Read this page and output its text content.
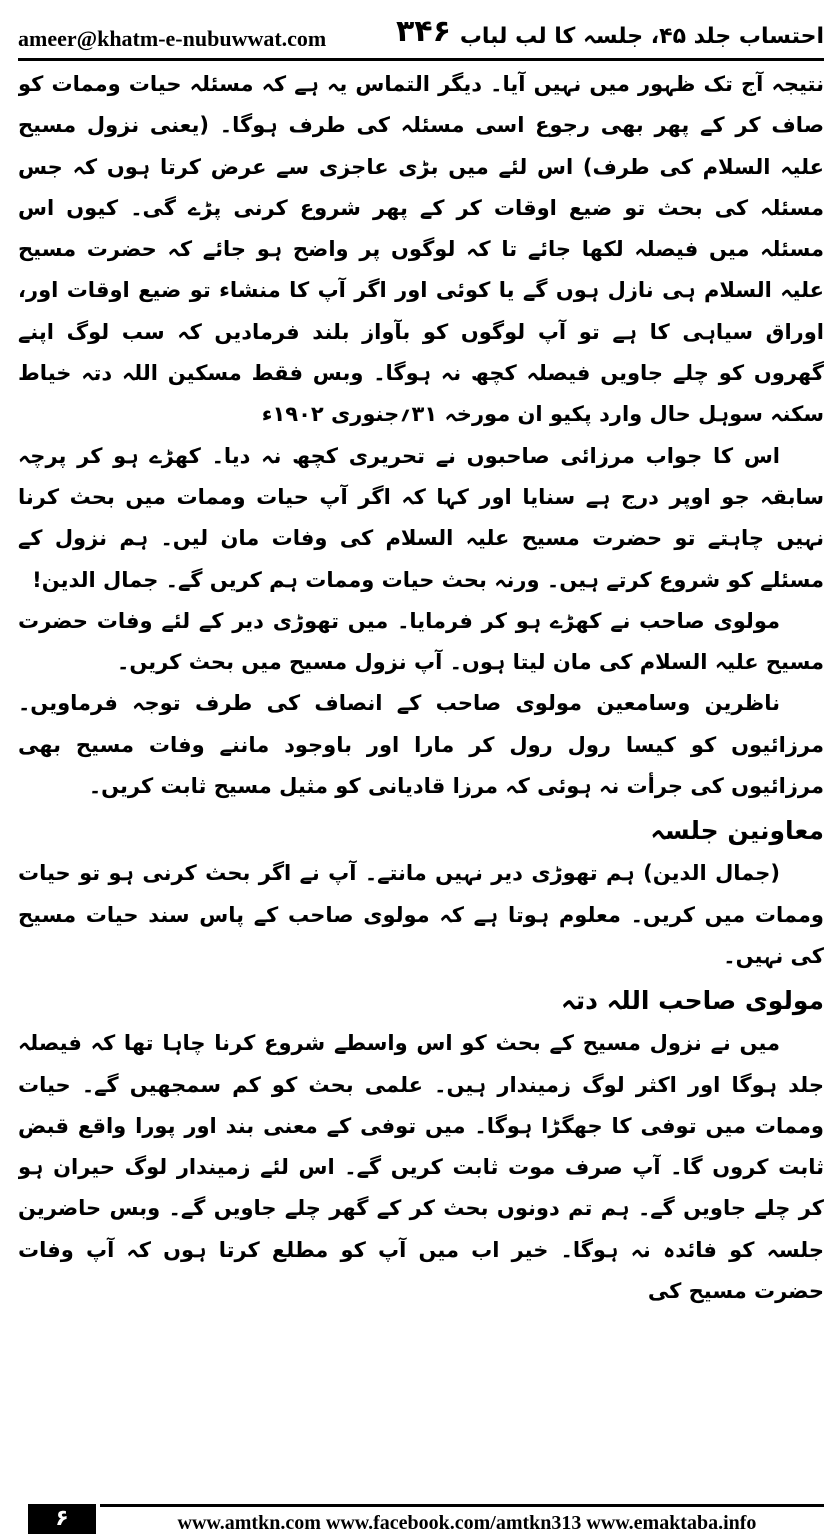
ameer@khatm-e-nubuwwat.com ۳۴۶ احتساب جلد ۴۵، جلسہ کا لب لباب

نتیجہ آج تک ظہور میں نہیں آیا۔ دیگر التماس یہ ہے کہ مسئلہ حیات وممات کو صاف کر کے پھر بھی رجوع اسی مسئلہ کی طرف ہوگا۔ (یعنی نزول مسیح علیہ السلام کی طرف) اس لئے میں بڑی عاجزی سے عرض کرتا ہوں کہ جس مسئلہ کی بحث تو ضیع اوقات کر کے پھر شروع کرنی پڑے گی۔ کیوں اس مسئلہ میں فیصلہ لکھا جائے تا کہ لوگوں پر واضح ہو جائے کہ حضرت مسیح علیہ السلام ہی نازل ہوں گے یا کوئی اور اگر آپ کا منشاء تو ضیع اوقات اور، اوراق سیاہی کا ہے تو آپ لوگوں کو بآواز بلند فرمادیں کہ سب لوگ اپنے گھروں کو چلے جاویں فیصلہ کچھ نہ ہوگا۔ وبس فقط مسکین اللہ دتہ خیاط سکنہ سوہل حال وارد پکیو ان مورخہ ۳۱؍جنوری ۱۹۰۲ء

اس کا جواب مرزائی صاحبوں نے تحریری کچھ نہ دیا۔ کھڑے ہو کر پرچہ سابقہ جو اوپر درج ہے سنایا اور کہا کہ اگر آپ حیات وممات میں بحث کرنا نہیں چاہتے تو حضرت مسیح علیہ السلام کی وفات مان لیں۔ ہم نزول کے مسئلے کو شروع کرتے ہیں۔ ورنہ بحث حیات وممات ہم کریں گے۔ جمال الدین!

مولوی صاحب نے کھڑے ہو کر فرمایا۔ میں تھوڑی دیر کے لئے وفات حضرت مسیح علیہ السلام کی مان لیتا ہوں۔ آپ نزول مسیح میں بحث کریں۔

ناظرین وسامعین مولوی صاحب کے انصاف کی طرف توجہ فرماویں۔ مرزائیوں کو کیسا رول رول کر مارا اور باوجود ماننے وفات مسیح بھی مرزائیوں کی جرأت نہ ہوئی کہ مرزا قادیانی کو مثیل مسیح ثابت کریں۔

معاونین جلسہ

(جمال الدین) ہم تھوڑی دیر نہیں مانتے۔ آپ نے اگر بحث کرنی ہو تو حیات وممات میں کریں۔ معلوم ہوتا ہے کہ مولوی صاحب کے پاس سند حیات مسیح کی نہیں۔

مولوی صاحب اللہ دتہ

میں نے نزول مسیح کے بحث کو اس واسطے شروع کرنا چاہا تھا کہ فیصلہ جلد ہوگا اور اکثر لوگ زمیندار ہیں۔ علمی بحث کو کم سمجھیں گے۔ حیات وممات میں توفی کا جھگڑا ہوگا۔ میں توفی کے معنی بند اور پورا واقع قبض ثابت کروں گا۔ آپ صرف موت ثابت کریں گے۔ اس لئے زمیندار لوگ حیران ہو کر چلے جاویں گے۔ ہم تم دونوں بحث کر کے گھر چلے جاویں گے۔ وبس حاضرین جلسہ کو فائدہ نہ ہوگا۔ خیر اب میں آپ کو مطلع کرتا ہوں کہ آپ وفات حضرت مسیح کی

۶	www.amtkn.com www.facebook.com/amtkn313 www.emaktaba.info
